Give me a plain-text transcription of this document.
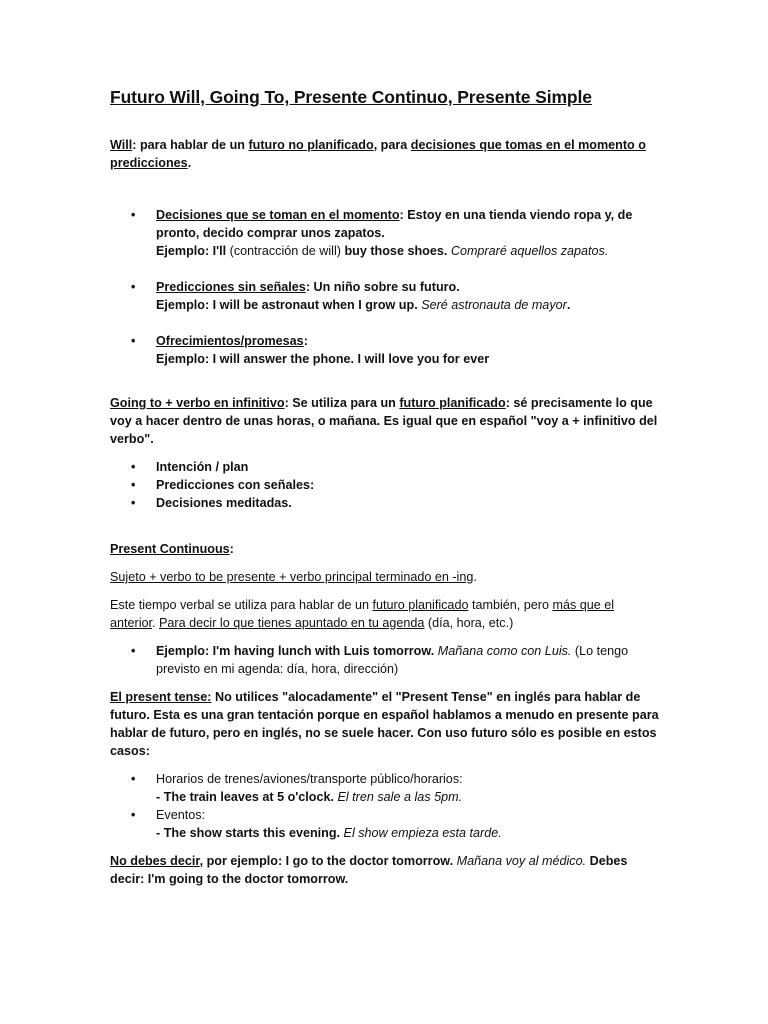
Futuro Will, Going To, Presente Continuo, Presente Simple

Will: para hablar de un futuro no planificado, para decisiones que tomas en el momento o
predicciones.

• Decisiones que se toman en el momento: Estoy en una tienda viendo ropa y, de
pronto, decido comprar unos zapatos.
Ejemplo: I'll (contracción de will) buy those shoes. Compraré aquellos zapatos.
• Predicciones sin señales: Un niño sobre su futuro.
Ejemplo: I will be astronaut when I grow up. Seré astronauta de mayor.
• Ofrecimientos/promesas:
Ejemplo: I will answer the phone. I will love you for ever

Going to + verbo en infinitivo: Se utiliza para un futuro planificado: sé precisamente lo que
voy a hacer dentro de unas horas, o mañana. Es igual que en español "voy a + infinitivo del
verbo".

• Intención / plan
• Predicciones con señales:
• Decisiones meditadas.

Present Continuous:

Sujeto + verbo to be presente + verbo principal terminado en -ing.

Este tiempo verbal se utiliza para hablar de un futuro planificado también, pero más que el
anterior. Para decir lo que tienes apuntado en tu agenda (día, hora, etc.)

• Ejemplo: I'm having lunch with Luis tomorrow. Mañana como con Luis. (Lo tengo
previsto en mi agenda: día, hora, dirección)

El present tense: No utilices "alocadamente" el "Present Tense" en inglés para hablar de
futuro. Esta es una gran tentación porque en español hablamos a menudo en presente para
hablar de futuro, pero en inglés, no se suele hacer. Con uso futuro sólo es posible en estos
casos:

• Horarios de trenes/aviones/transporte público/horarios:
- The train leaves at 5 o'clock. El tren sale a las 5pm.
• Eventos:
- The show starts this evening. El show empieza esta tarde.

No debes decir, por ejemplo: I go to the doctor tomorrow. Mañana voy al médico. Debes
decir: I'm going to the doctor tomorrow.
